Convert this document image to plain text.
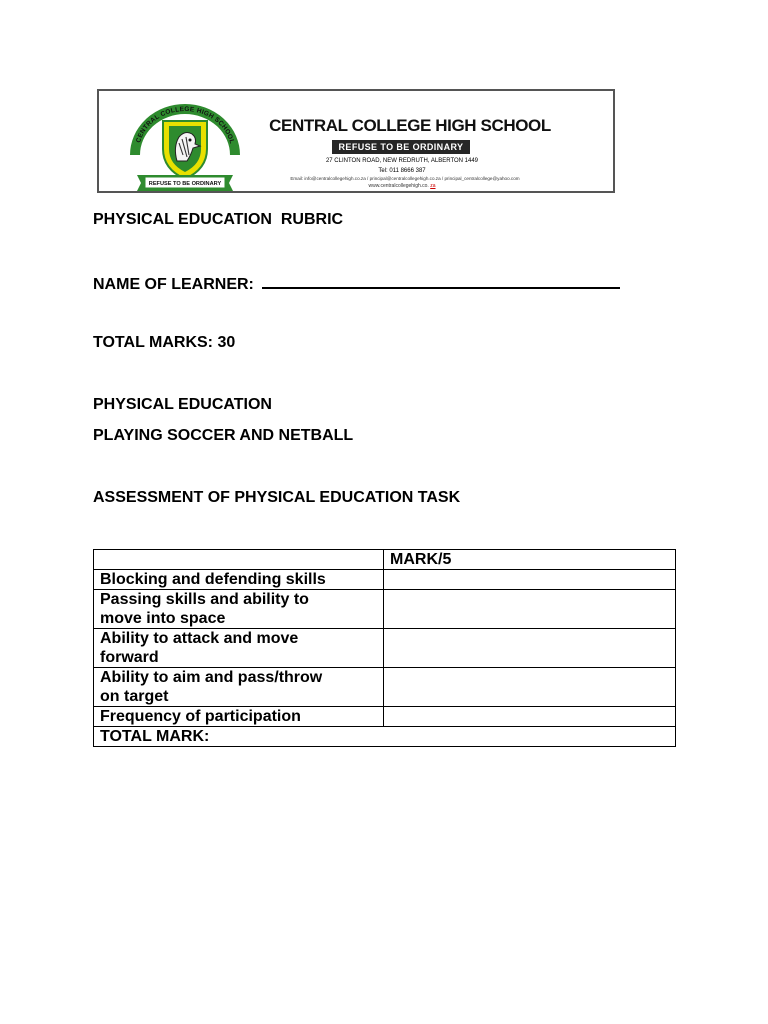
CENTRAL COLLEGE HIGH SCHOOL
REFUSE TO BE ORDINARY
CENTRAL COLLEGE HIGH SCHOOL
REFUSE TO BE ORDINARY
27 CLINTON ROAD, NEW REDRUTH, ALBERTON 1449
Tel: 011 8666 387
Email: info@centralcollegehigh.co.za / principal@centralcollegehigh.co.za / principal_centralcollege@yahoo.com
www.centralcollegehigh.co. za
PHYSICAL EDUCATION  RUBRIC
NAME OF LEARNER:
TOTAL MARKS: 30
PHYSICAL EDUCATION
PLAYING SOCCER AND NETBALL
ASSESSMENT OF PHYSICAL EDUCATION TASK
	MARK/5

Blocking and defending skills	

Passing skills and ability to
move into space	

Ability to attack and move
forward	

Ability to aim and pass/throw
on target	

Frequency of participation	

TOTAL MARK:	
